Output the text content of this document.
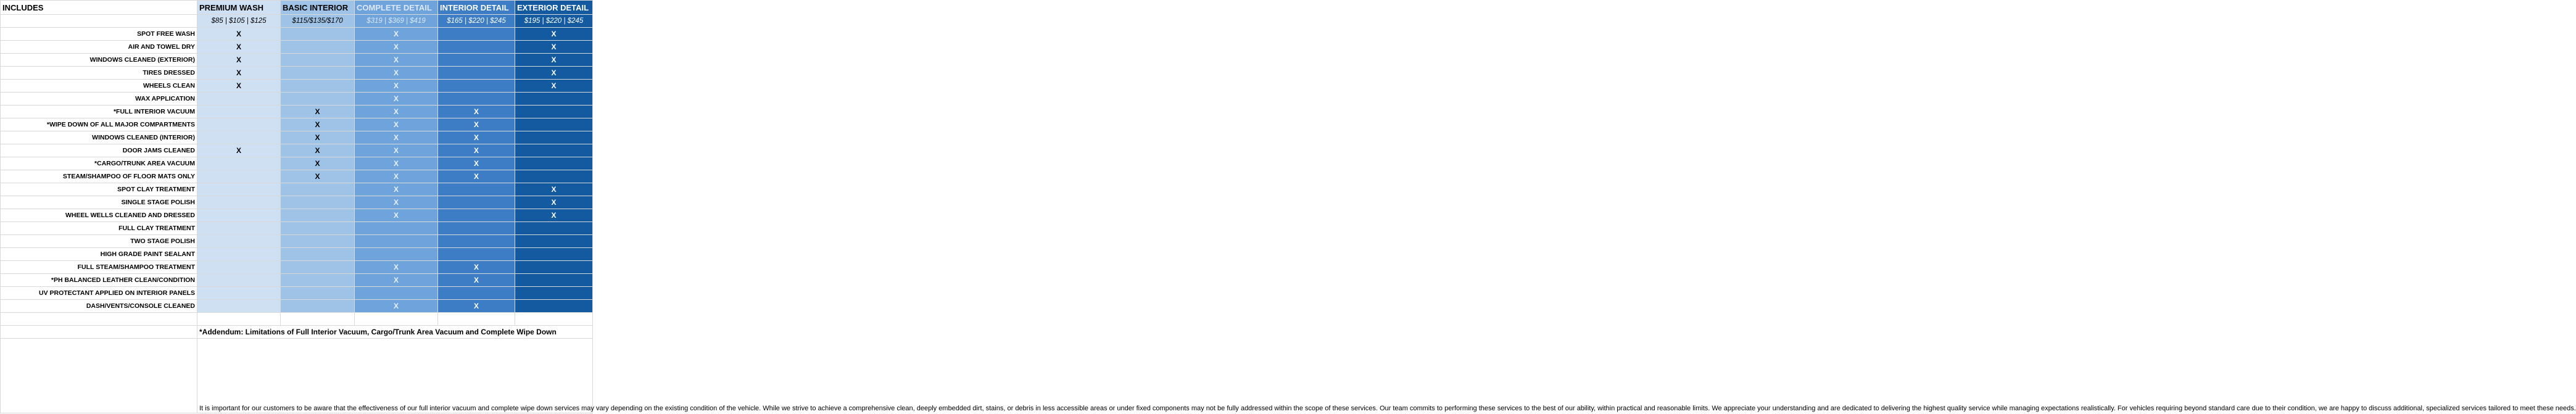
INCLUDES	PREMIUM WASH	BASIC INTERIOR	COMPLETE DETAIL	INTERIOR DETAIL	EXTERIOR DETAIL
	$85 | $105 | $125	$115/$135/$170	$319 | $369 | $419	$165 | $220 | $245	$195 | $220 | $245
SPOT FREE WASH	X		X		X
AIR AND TOWEL DRY	X		X		X
WINDOWS CLEANED (EXTERIOR)	X		X		X
TIRES DRESSED	X		X		X
WHEELS CLEAN	X		X		X
WAX APPLICATION			X		
*FULL INTERIOR VACUUM		X	X	X	
*WIPE DOWN OF ALL MAJOR COMPARTMENTS		X	X	X	
WINDOWS CLEANED (INTERIOR)		X	X	X	
DOOR JAMS CLEANED	X	X	X	X	
*CARGO/TRUNK AREA VACUUM		X	X	X	
STEAM/SHAMPOO OF FLOOR MATS ONLY		X	X	X	
SPOT CLAY TREATMENT			X		X
SINGLE STAGE POLISH			X		X
WHEEL WELLS CLEANED AND DRESSED			X		X
FULL CLAY TREATMENT					
TWO STAGE POLISH					
HIGH GRADE PAINT SEALANT					
FULL STEAM/SHAMPOO TREATMENT			X	X	
*PH BALANCED LEATHER CLEAN/CONDITION			X	X	
UV PROTECTANT APPLIED ON INTERIOR PANELS					
DASH/VENTS/CONSOLE CLEANED			X	X	

	*Addendum: Limitations of Full Interior Vacuum, Cargo/Trunk Area Vacuum and Complete Wipe Down				
	It is important for our customers to be aware that the effectiveness of our full interior vacuum and complete wipe down services may vary depending on the existing condition of the vehicle. While we strive to achieve a comprehensive clean, deeply embedded dirt, stains, or debris in less accessible areas or under fixed components may not be fully addressed within the scope of these services. Our team commits to performing these services to the best of our ability, within practical and reasonable limits. We appreciate your understanding and are dedicated to delivering the highest quality service while managing expectations realistically. For vehicles requiring beyond standard care due to their condition, we are happy to discuss additional, specialized services tailored to meet these needs.				
